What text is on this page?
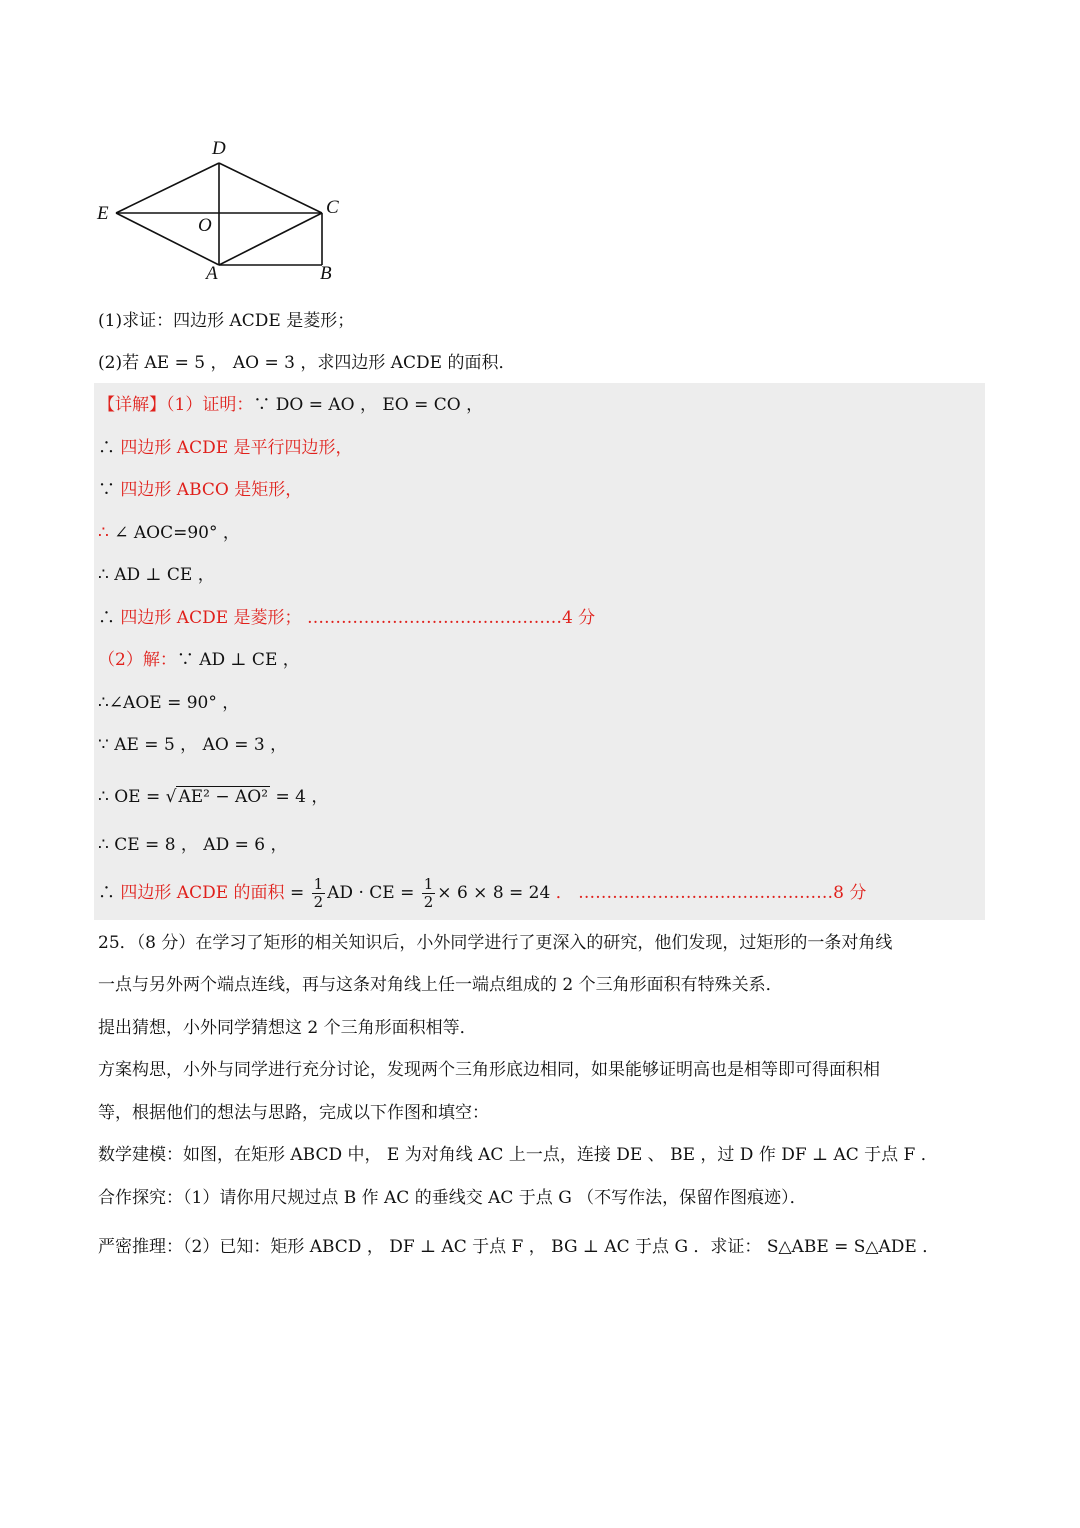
D
E
O
C
A	B
(1)求证：四边形 ACDE 是菱形；
(2)若 AE = 5 ， AO = 3 ，求四边形 ACDE 的面积．
【详解】（1）证明：∵ DO = AO ， EO = CO ，
∴ 四边形 ACDE 是平行四边形，
∵ 四边形 ABCO 是矩形，
∴ ∠ AOC=90° ，
∴ AD ⊥ CE ，
∴ 四边形 ACDE 是菱形； ………………………………………4 分
（2）解：∵ AD ⊥ CE ，
∴∠AOE = 90° ，
∵ AE = 5 ， AO = 3 ，
∴ OE = √ AE² − AO² = 4 ，
∴ CE = 8 ， AD = 6 ，
∴ 四边形 ACDE 的面积 = $\frac{1}{2}$ AD · CE = $\frac{1}{2} \times 6 \times 8 = 24$ ． ………………………………………8 分
25．（8 分）在学习了矩形的相关知识后，小外同学进行了更深入的研究，他们发现，过矩形的一条对角线
一点与另外两个端点连线，再与这条对角线上任一端点组成的 2 个三角形面积有特殊关系．
提出猜想，小外同学猜想这 2 个三角形面积相等．
方案构思，小外与同学进行充分讨论，发现两个三角形底边相同，如果能够证明高也是相等即可得面积相
等，根据他们的想法与思路，完成以下作图和填空：
数学建模：如图，在矩形 ABCD 中， E 为对角线 AC 上一点，连接 DE 、 BE ，过 D 作 DF ⊥ AC 于点 F ．
合作探究：（1）请你用尺规过点 B 作 AC 的垂线交 AC 于点 G （不写作法，保留作图痕迹）．
严密推理：（2）已知：矩形 ABCD ， DF ⊥ AC 于点 F ， BG ⊥ AC 于点 G ．求证： S△ABE = S△ADE ．
